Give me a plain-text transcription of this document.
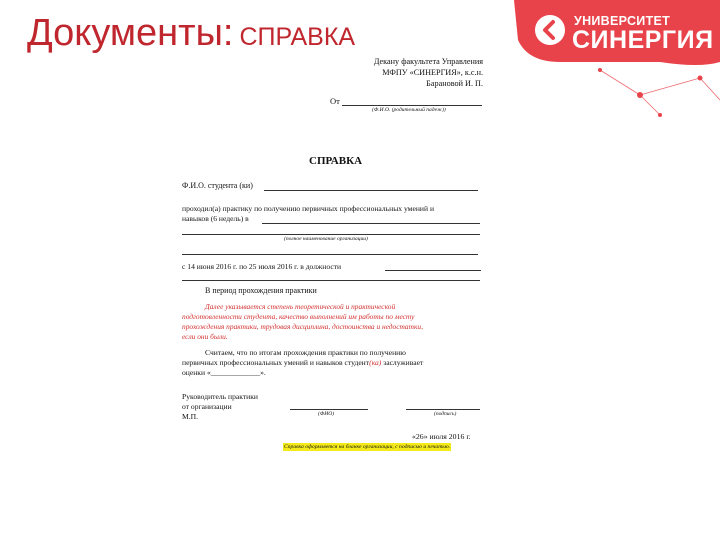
Документы: СПРАВКА
УНИВЕРСИТЕТ
СИНЕРГИЯ
Декану факультета Управления
МФПУ «СИНЕРГИЯ», к.с.н.
Барановой И. П.
От
(Ф.И.О. (родительный падеж))
СПРАВКА
Ф.И.О. студента (ки)
проходил(а) практику по получению первичных профессиональных умений и
навыков (6 недель) в
(полное наименование организации)
с 14 июня 2016 г. по 25 июля 2016 г. в должности
В период прохождения практики
Далее указывается степень теоретической и практической
подготовленности студента, качество выполнений им работы по месту
прохождения практики, трудовая дисциплина, достоинства и недостатки,
если они были.
Считаем, что по итогам прохождения практики по получению
первичных профессиональных умений и навыков студент(ка) заслуживает
оценки «_____________».
Руководитель практики
от организации
М.П.	(ФИО)	(подпись)
«26» июля 2016 г.
Справка оформляется на бланке организации, с подписью и печатью.
